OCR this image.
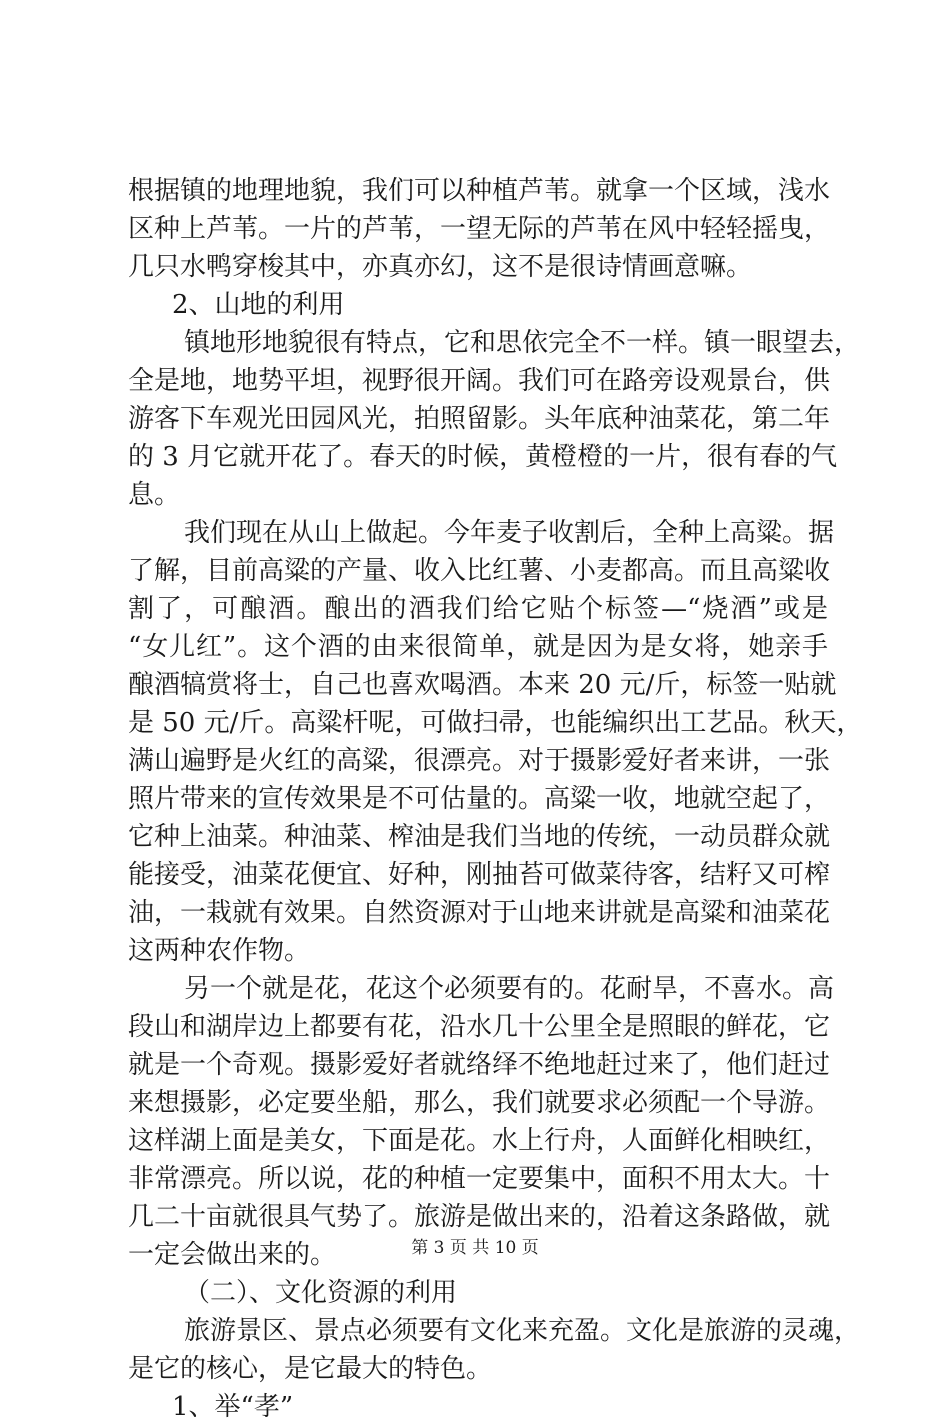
根据镇的地理地貌，我们可以种植芦苇。就拿一个区域，浅水
区种上芦苇。一片的芦苇，一望无际的芦苇在风中轻轻摇曳，
几只水鸭穿梭其中，亦真亦幻，这不是很诗情画意嘛。
2、山地的利用
镇地形地貌很有特点，它和思依完全不一样。镇一眼望去，
全是地，地势平坦，视野很开阔。我们可在路旁设观景台，供
游客下车观光田园风光，拍照留影。头年底种油菜花，第二年
的 3 月它就开花了。春天的时候，黄橙橙的一片，很有春的气
息。
我们现在从山上做起。今年麦子收割后，全种上高粱。据
了解，目前高粱的产量、收入比红薯、小麦都高。而且高粱收
割了，可酿酒。酿出的酒我们给它贴个标签—“烧酒”或是
“女儿红”。这个酒的由来很简单，就是因为是女将，她亲手
酿酒犒赏将士，自己也喜欢喝酒。本来 20 元/斤，标签一贴就
是 50 元/斤。高粱杆呢，可做扫帚，也能编织出工艺品。秋天，
满山遍野是火红的高粱，很漂亮。对于摄影爱好者来讲，一张
照片带来的宣传效果是不可估量的。高粱一收，地就空起了，
它种上油菜。种油菜、榨油是我们当地的传统，一动员群众就
能接受，油菜花便宜、好种，刚抽苔可做菜待客，结籽又可榨
油，一栽就有效果。自然资源对于山地来讲就是高粱和油菜花
这两种农作物。
另一个就是花，花这个必须要有的。花耐旱，不喜水。高
段山和湖岸边上都要有花，沿水几十公里全是照眼的鲜花，它
就是一个奇观。摄影爱好者就络绎不绝地赶过来了，他们赶过
来想摄影，必定要坐船，那么，我们就要求必须配一个导游。
这样湖上面是美女，下面是花。水上行舟，人面鲜化相映红，
非常漂亮。所以说，花的种植一定要集中，面积不用太大。十
几二十亩就很具气势了。旅游是做出来的，沿着这条路做，就
一定会做出来的。
（二）、文化资源的利用
旅游景区、景点必须要有文化来充盈。文化是旅游的灵魂，
是它的核心，是它最大的特色。
1、举“孝”
第 3 页 共 10 页
